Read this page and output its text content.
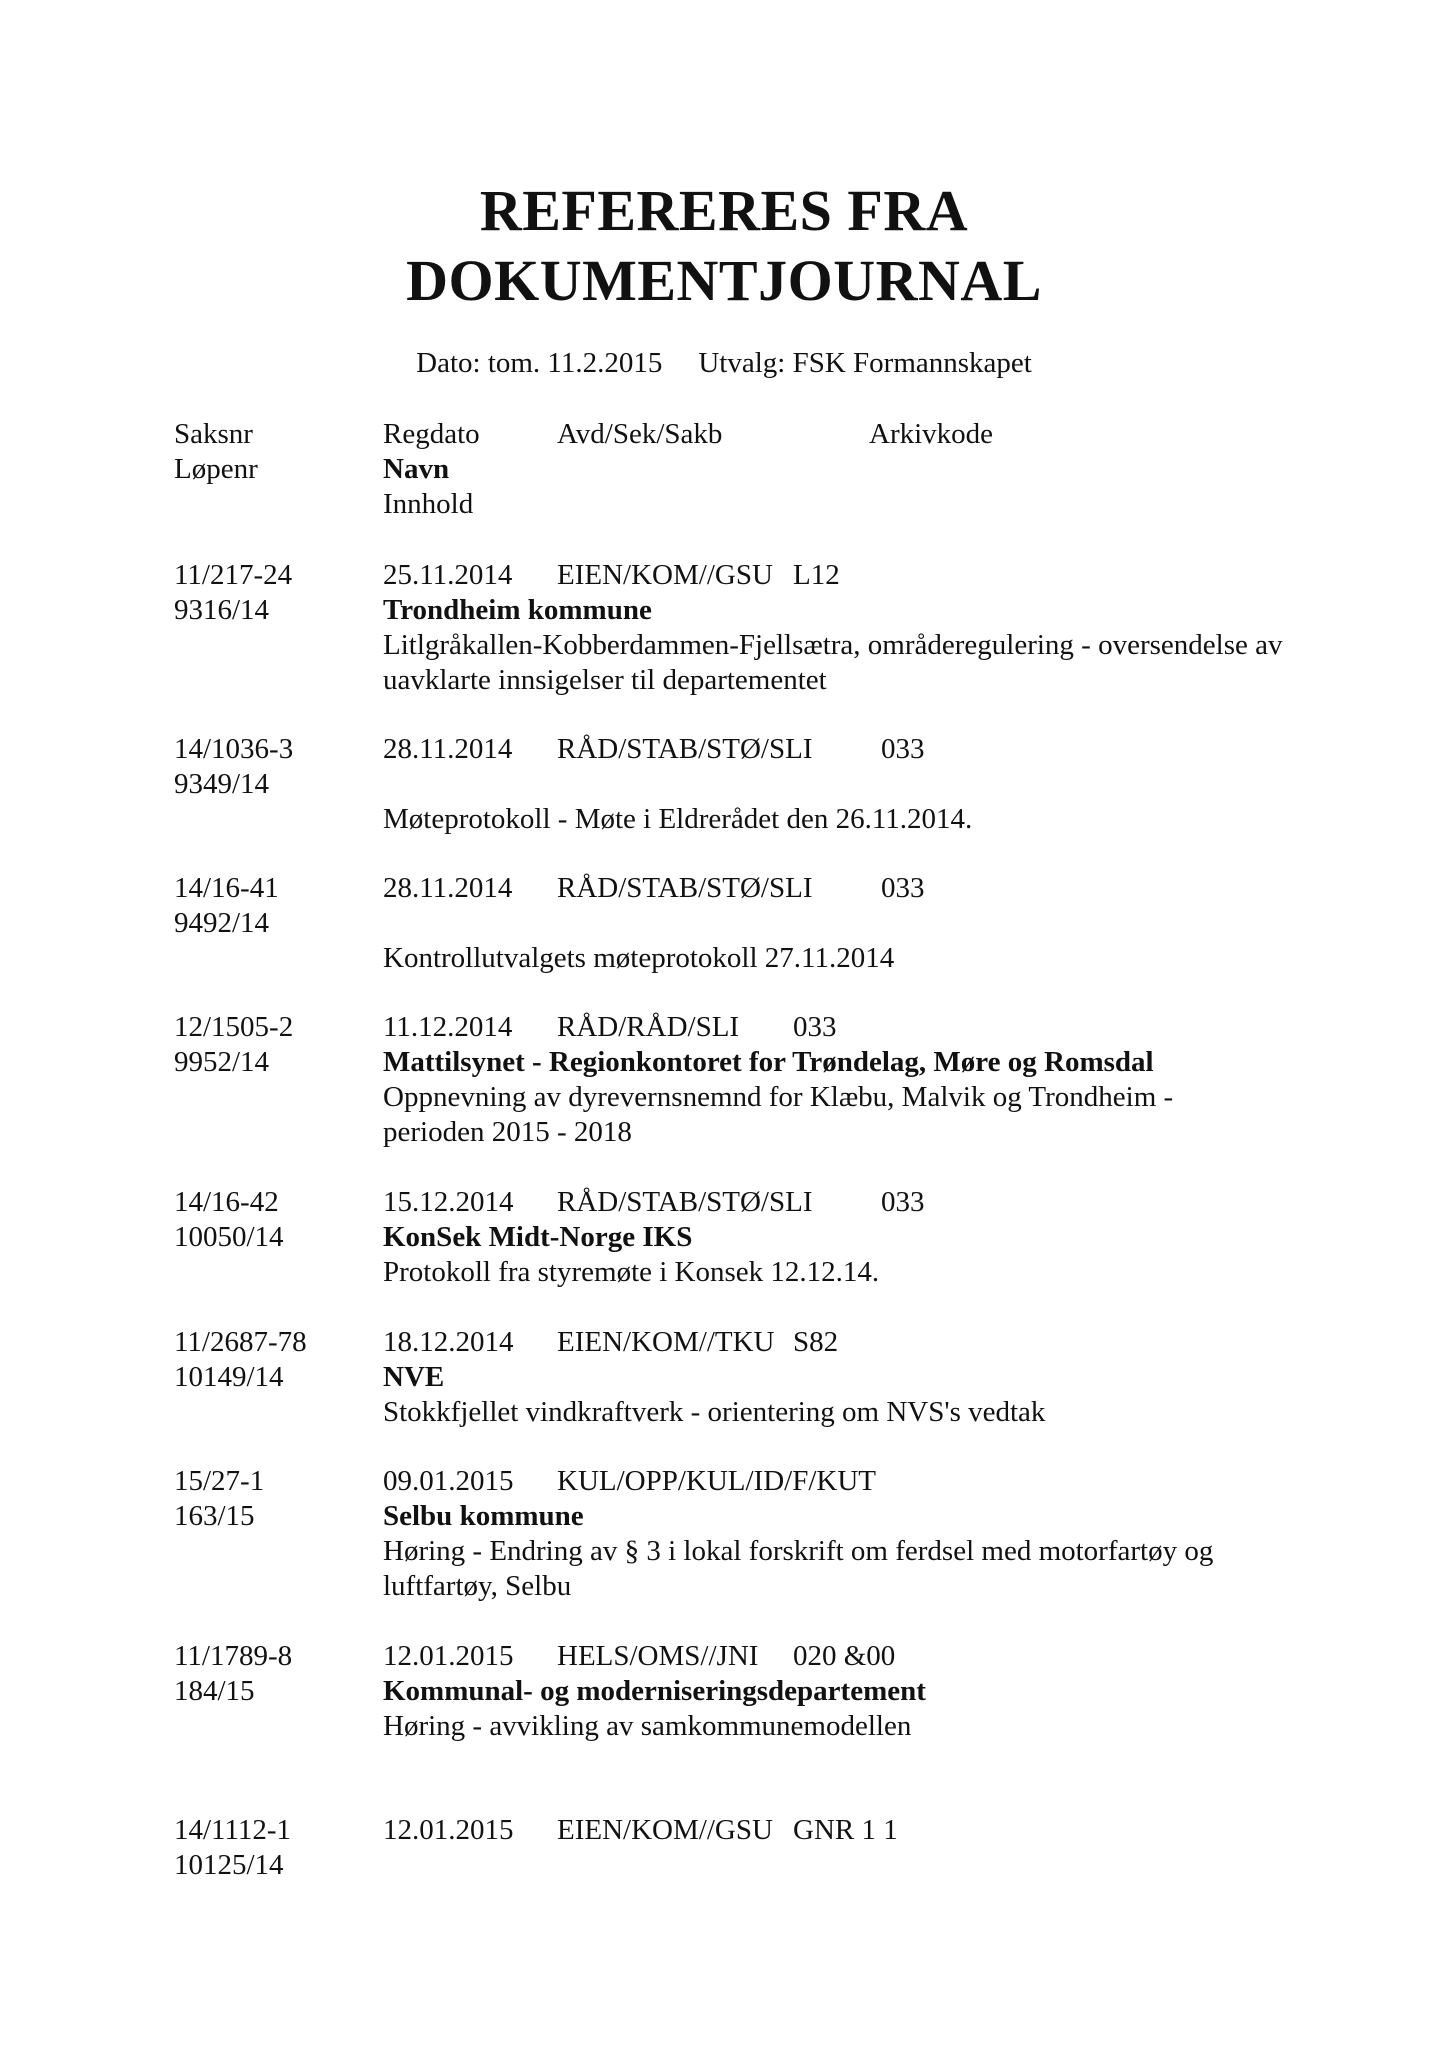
REFERERES FRA
DOKUMENTJOURNAL
Dato: tom. 11.2.2015 Utvalg: FSK Formannskapet
Saksnr
Løpenr
Regdato
Navn
Innhold
Avd/Sek/Sakb	Arkivkode
11/217-24
9316/14
25.11.2014 EIEN/KOM//GSU L12
Trondheim kommune
Litlgråkallen-Kobberdammen-Fjellsætra, områderegulering - oversendelse av uavklarte innsigelser til departementet
14/1036-3
9349/14
28.11.2014 RÅD/STAB/STØ/SLI 033
Møteprotokoll - Møte i Eldrerådet den 26.11.2014.
14/16-41
9492/14
28.11.2014 RÅD/STAB/STØ/SLI 033
Kontrollutvalgets møteprotokoll 27.11.2014
12/1505-2
9952/14
11.12.2014 RÅD/RÅD/SLI 033
Mattilsynet - Regionkontoret for Trøndelag, Møre og Romsdal
Oppnevning av dyrevernsnemnd for Klæbu, Malvik og Trondheim - perioden 2015 - 2018
14/16-42
10050/14
15.12.2014 RÅD/STAB/STØ/SLI 033
KonSek Midt-Norge IKS
Protokoll fra styremøte i Konsek 12.12.14.
11/2687-78
10149/14
18.12.2014 EIEN/KOM//TKU S82
NVE
Stokkfjellet vindkraftverk - orientering om NVS's vedtak
15/27-1
163/15
09.01.2015 KUL/OPP/KUL/ID/F/KUT
Selbu kommune
Høring - Endring av § 3 i lokal forskrift om ferdsel med motorfartøy og luftfartøy, Selbu
11/1789-8
184/15
12.01.2015 HELS/OMS//JNI 020 &00
Kommunal- og moderniseringsdepartement
Høring - avvikling av samkommunemodellen
14/1112-1
10125/14
12.01.2015 EIEN/KOM//GSU GNR 1 1
